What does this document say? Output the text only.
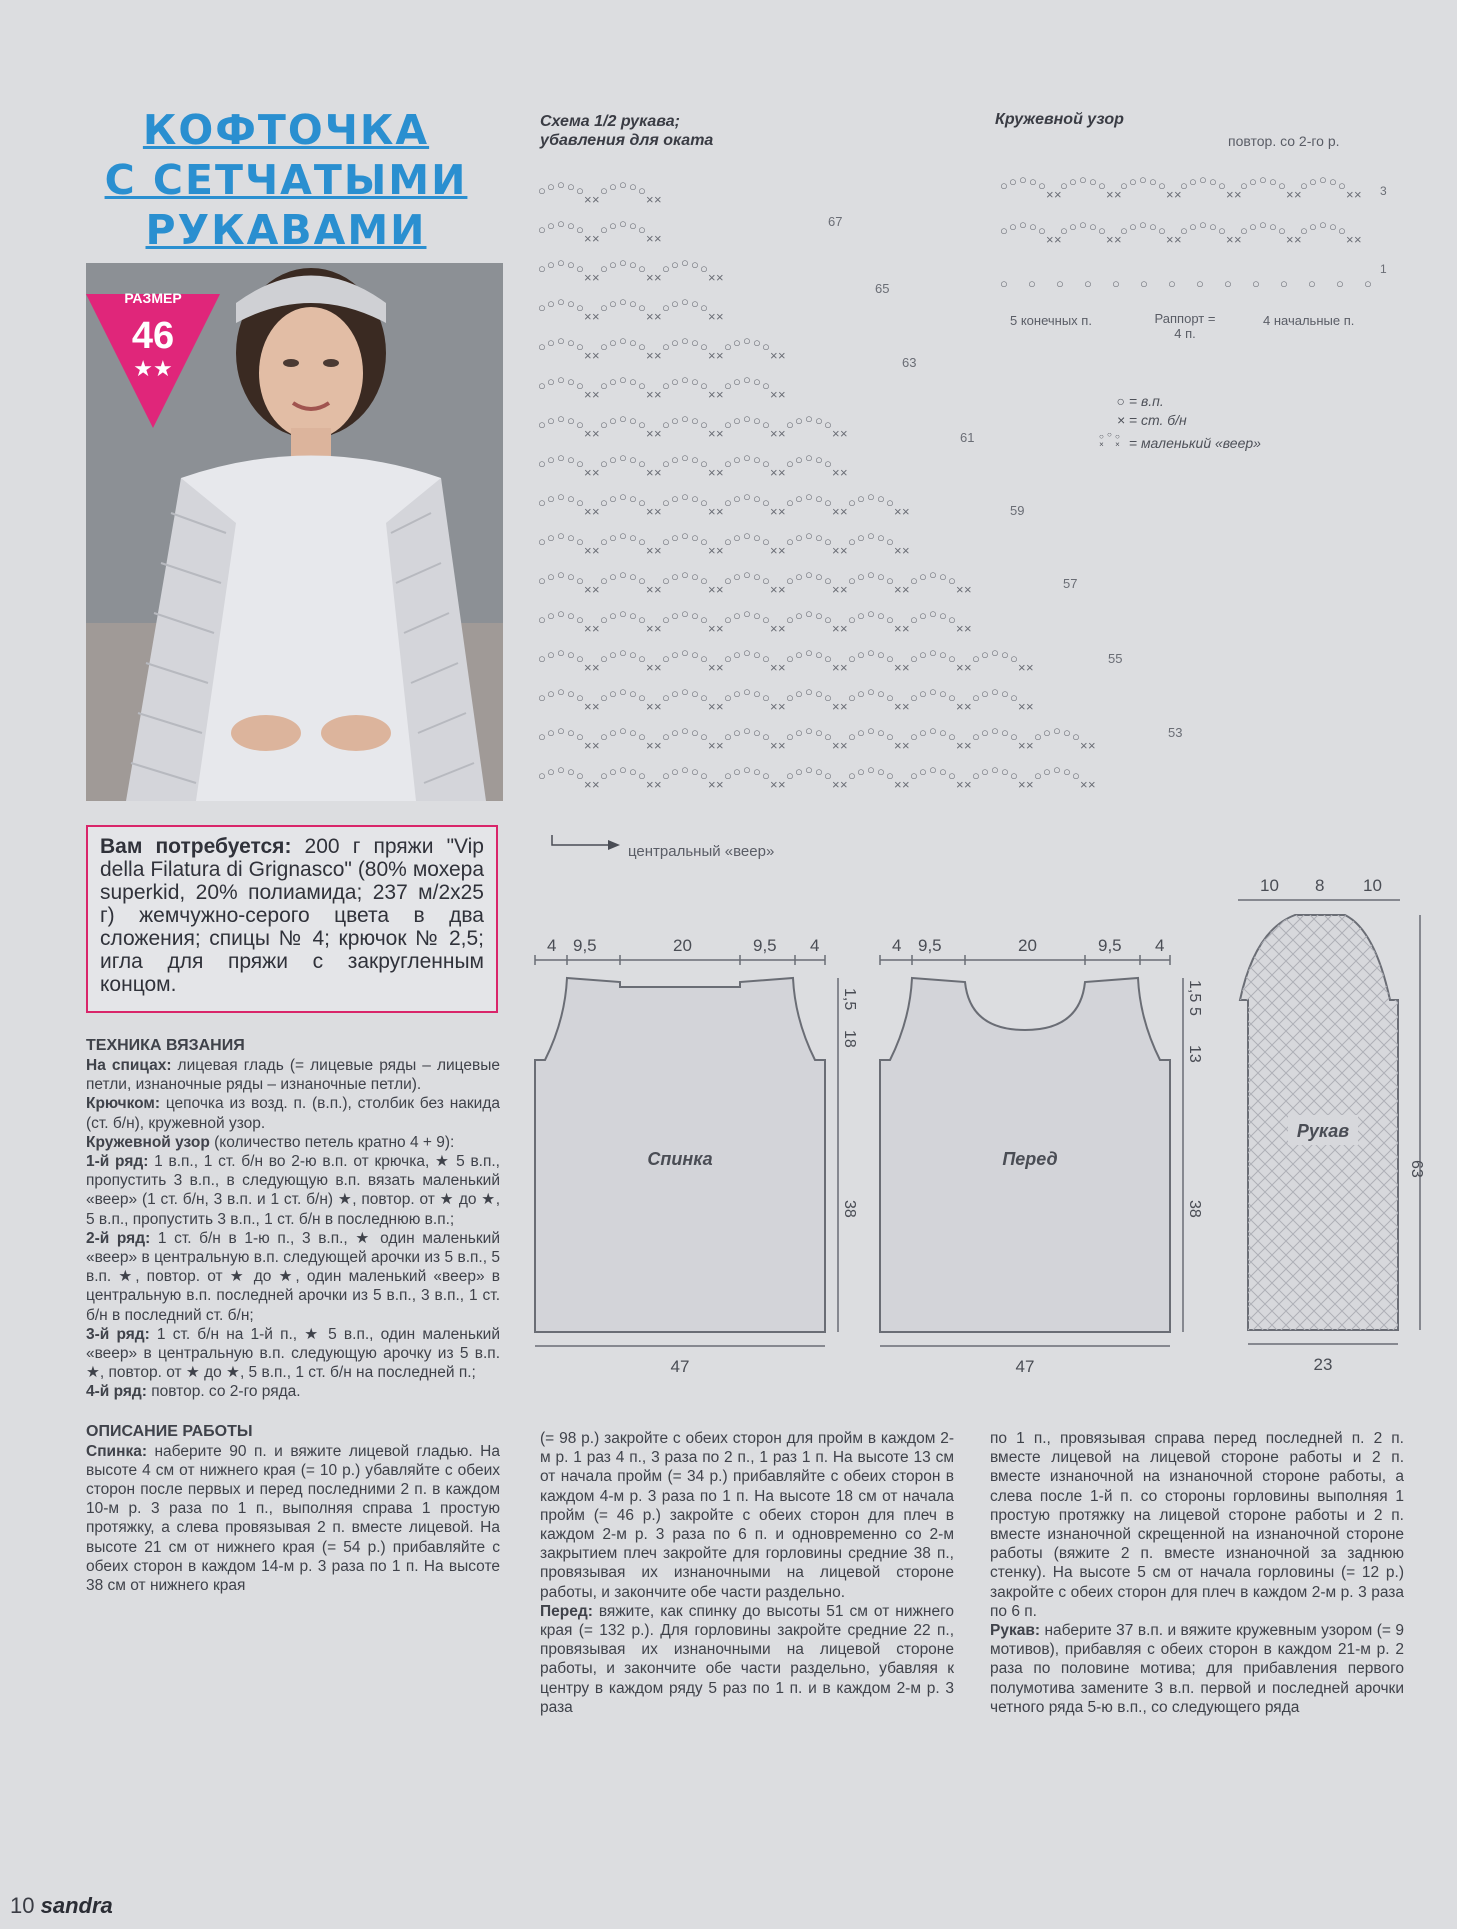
КОФТОЧКА
С СЕТЧАТЫМИ
РУКАВАМИ
РАЗМЕР
46
★★
Вам потребуется: 200 г пряжи "Vip della Filatura di Grignasco" (80% мохера superkid, 20% полиамида; 237 м/2x25 г) жемчужно-серого цвета в два сложения; спицы № 4; крючок № 2,5; игла для пряжи с закругленным концом.
ТЕХНИКА ВЯЗАНИЯ

На спицах: лицевая гладь (= лицевые ряды – лицевые петли, изнаночные ряды – изнаночные петли).

Крючком: цепочка из возд. п. (в.п.), столбик без накида (ст. б/н), кружевной узор.

Кружевной узор (количество петель кратно 4 + 9):

1-й ряд: 1 в.п., 1 ст. б/н во 2-ю в.п. от крючка, ★ 5 в.п., пропустить 3 в.п., в следующую в.п. вязать маленький «веер» (1 ст. б/н, 3 в.п. и 1 ст. б/н) ★, повтор. от ★ до ★, 5 в.п., пропустить 3 в.п., 1 ст. б/н в последнюю в.п.;

2-й ряд: 1 ст. б/н в 1-ю п., 3 в.п., ★ один маленький «веер» в центральную в.п. следующей арочки из 5 в.п., 5 в.п. ★, повтор. от ★ до ★, один маленький «веер» в центральную в.п. последней арочки из 5 в.п., 3 в.п., 1 ст. б/н в последний ст. б/н;

3-й ряд: 1 ст. б/н на 1-й п., ★ 5 в.п., один маленький «веер» в центральную в.п. следующую арочку из 5 в.п. ★, повтор. от ★ до ★, 5 в.п., 1 ст. б/н на последней п.;

4-й ряд: повтор. со 2-го ряда.

ОПИСАНИЕ РАБОТЫ

Спинка: наберите 90 п. и вяжите лицевой гладью. На высоте 4 см от нижнего края (= 10 р.) убавляйте с обеих сторон после первых и перед последними 2 п. в каждом 10-м р. 3 раза по 1 п., выполняя справа 1 простую протяжку, а слева провязывая 2 п. вместе лицевой. На высоте 21 см от нижнего края (= 54 р.) прибавляйте с обеих сторон в каждом 14-м р. 3 раза по 1 п. На высоте 38 см от нижнего края

(= 98 р.) закройте с обеих сторон для пройм в каждом 2-м р. 1 раз 4 п., 3 раза по 2 п., 1 раз 1 п. На высоте 13 см от начала пройм (= 34 р.) прибавляйте с обеих сторон в каждом 4-м р. 3 раза по 1 п. На высоте 18 см от начала пройм (= 46 р.) закройте с обеих сторон для плеч в каждом 2-м р. 3 раза по 6 п. и одновременно со 2-м закрытием плеч закройте для горловины средние 38 п., провязывая их изнаночными на лицевой стороне работы, и закончите обе части раздельно.

Перед: вяжите, как спинку до высоты 51 см от нижнего края (= 132 р.). Для горловины закройте средние 22 п., провязывая их изнаночными на лицевой стороне работы, и закончите обе части раздельно, убавляя к центру в каждом ряду 5 раз по 1 п. и в каждом 2-м р. 3 раза

по 1 п., провязывая справа перед последней п. 2 п. вместе лицевой на лицевой стороне работы и 2 п. вместе изнаночной на изнаночной стороне работы, а слева после 1-й п. со стороны горловины выполняя 1 простую протяжку на лицевой стороне работы и 2 п. вместе изнаночной скрещенной на изнаночной стороне работы (вяжите 2 п. вместе изнаночной за заднюю стенку). На высоте 5 см от начала горловины (= 12 р.) закройте с обеих сторон для плеч в каждом 2-м р. 3 раза по 6 п.

Рукав: наберите 37 в.п. и вяжите кружевным узором (= 9 мотивов), прибавляя с обеих сторон в каждом 21-м р. 2 раза по половине мотива; для прибавления первого полумотива замените 3 в.п. первой и последней арочки четного ряда 5-ю в.п., со следующего ряда

Схема 1/2 рукава;
убавления для оката
○ ○ ○ ○ ○
× ×
○ ○ ○ ○ ○
× ×
○ ○ ○ ○ ○
× ×
○ ○ ○ ○ ○
× ×
○ ○ ○ ○ ○
× ×
○ ○ ○ ○ ○
× ×
○ ○ ○ ○ ○
× ×
○ ○ ○ ○ ○
× ×
○ ○ ○ ○ ○
× ×
○ ○ ○ ○ ○
× ×
○ ○ ○ ○ ○
× ×
○ ○ ○ ○ ○
× ×
○ ○ ○ ○ ○
× ×
○ ○ ○ ○ ○
× ×
○ ○ ○ ○ ○
× ×
○ ○ ○ ○ ○
× ×
○ ○ ○ ○ ○
× ×
○ ○ ○ ○ ○
× ×
○ ○ ○ ○ ○
× ×
○ ○ ○ ○ ○
× ×
○ ○ ○ ○ ○
× ×
○ ○ ○ ○ ○
× ×
○ ○ ○ ○ ○
× ×
○ ○ ○ ○ ○
× ×
○ ○ ○ ○ ○
× ×
○ ○ ○ ○ ○
× ×
○ ○ ○ ○ ○
× ×
○ ○ ○ ○ ○
× ×
○ ○ ○ ○ ○
× ×
○ ○ ○ ○ ○
× ×
○ ○ ○ ○ ○
× ×
○ ○ ○ ○ ○
× ×
○ ○ ○ ○ ○
× ×
○ ○ ○ ○ ○
× ×
○ ○ ○ ○ ○
× ×
○ ○ ○ ○ ○
× ×
○ ○ ○ ○ ○
× ×
○ ○ ○ ○ ○
× ×
○ ○ ○ ○ ○
× ×
○ ○ ○ ○ ○
× ×
○ ○ ○ ○ ○
× ×
○ ○ ○ ○ ○
× ×
○ ○ ○ ○ ○
× ×
○ ○ ○ ○ ○
× ×
○ ○ ○ ○ ○
× ×
○ ○ ○ ○ ○
× ×
○ ○ ○ ○ ○
× ×
○ ○ ○ ○ ○
× ×
○ ○ ○ ○ ○
× ×
○ ○ ○ ○ ○
× ×
○ ○ ○ ○ ○
× ×
○ ○ ○ ○ ○
× ×
○ ○ ○ ○ ○
× ×
○ ○ ○ ○ ○
× ×
○ ○ ○ ○ ○
× ×
○ ○ ○ ○ ○
× ×
○ ○ ○ ○ ○
× ×
○ ○ ○ ○ ○
× ×
○ ○ ○ ○ ○
× ×
○ ○ ○ ○ ○
× ×
○ ○ ○ ○ ○
× ×
○ ○ ○ ○ ○
× ×
○ ○ ○ ○ ○
× ×
○ ○ ○ ○ ○
× ×
○ ○ ○ ○ ○
× ×
○ ○ ○ ○ ○
× ×
○ ○ ○ ○ ○
× ×
○ ○ ○ ○ ○
× ×
○ ○ ○ ○ ○
× ×
○ ○ ○ ○ ○
× ×
○ ○ ○ ○ ○
× ×
○ ○ ○ ○ ○
× ×
○ ○ ○ ○ ○
× ×
○ ○ ○ ○ ○
× ×
○ ○ ○ ○ ○
× ×
○ ○ ○ ○ ○
× ×
○ ○ ○ ○ ○
× ×
○ ○ ○ ○ ○
× ×
○ ○ ○ ○ ○
× ×
○ ○ ○ ○ ○
× ×
○ ○ ○ ○ ○
× ×
○ ○ ○ ○ ○
× ×
○ ○ ○ ○ ○
× ×
○ ○ ○ ○ ○
× ×
○ ○ ○ ○ ○
× ×
○ ○ ○ ○ ○
× ×
○ ○ ○ ○ ○
× ×
○ ○ ○ ○ ○
× ×
67
65
63
61
59
57
55
53
центральный «веер»
Кружевной узор
повтор. со 2-го р.
○ ○ ○ ○ ○
× ×
○ ○ ○ ○ ○
× ×
○ ○ ○ ○ ○
× ×
○ ○ ○ ○ ○
× ×
○ ○ ○ ○ ○
× ×
○ ○ ○ ○ ○
× ×
○ ○ ○ ○ ○
× ×
○ ○ ○ ○ ○
× ×
○ ○ ○ ○ ○
× ×
○ ○ ○ ○ ○
× ×
○ ○ ○ ○ ○
× ×
○ ○ ○ ○ ○
× ×
○ ○ ○ ○ ○ ○ ○ ○ ○ ○ ○ ○ ○ ○
3
1
5 конечных п.	Раппорт =
4 п.
4 начальные п.
○ = в.п.
× = ст. б/н
○ ○ ○
× × = маленький «веер»
4 9,5	20	9,5 4
Спинка
1,5
18
38
47
4 9,5	20	9,5 4
Перед
1,5
5
13
38
47
10 8 10
Рукав
63
23
10 sandra
